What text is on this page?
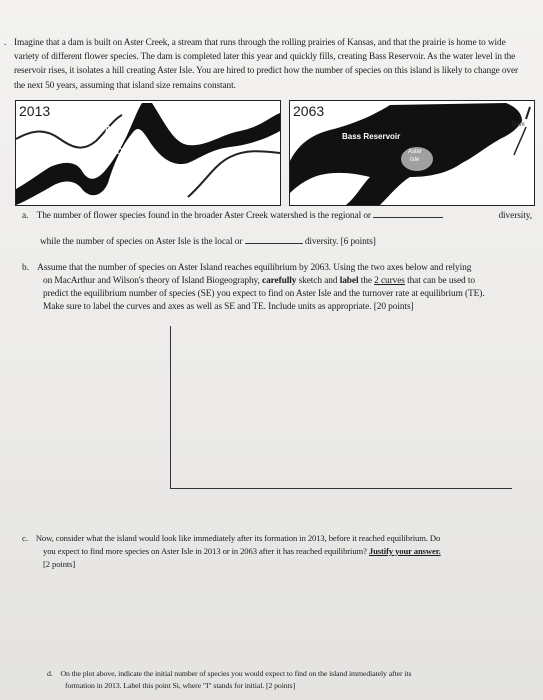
. Imagine that a dam is built on Aster Creek, a stream that runs through the rolling prairies of Kansas, and that the prairie is home to wide variety of different flower species. The dam is completed later this year and quickly fills, creating Bass Reservoir. As the water level in the reservoir rises, it isolates a hill creating Aster Isle. You are hired to predict how the number of species on this island is likely to change over the next 50 years, assuming that island size remains constant.
2013
Aster Creek
2063
Bass Reservoir
Aster
Isle
Dam
a. The number of flower species found in the broader Aster Creek watershed is the regional or	diversity,
while the number of species on Aster Isle is the local or	diversity. [6 points]
b. Assume that the number of species on Aster Island reaches equilibrium by 2063. Using the two axes below and relying
on MacArthur and Wilson's theory of Island Biogeography, carefully sketch and label the 2 curves that can be used to
predict the equilibrium number of species (SE) you expect to find on Aster Isle and the turnover rate at equilibrium (TE).
Make sure to label the curves and axes as well as SE and TE. Include units as appropriate. [20 points]
c. Now, consider what the island would look like immediately after its formation in 2013, before it reached equilibrium. Do
you expect to find more species on Aster Isle in 2013 or in 2063 after it has reached equilibrium? Justify your answer.
[2 points]
d. On the plot above, indicate the initial number of species you would expect to find on the island immediately after its
formation in 2013. Label this point Si, where "I" stands for initial. [2 points]
